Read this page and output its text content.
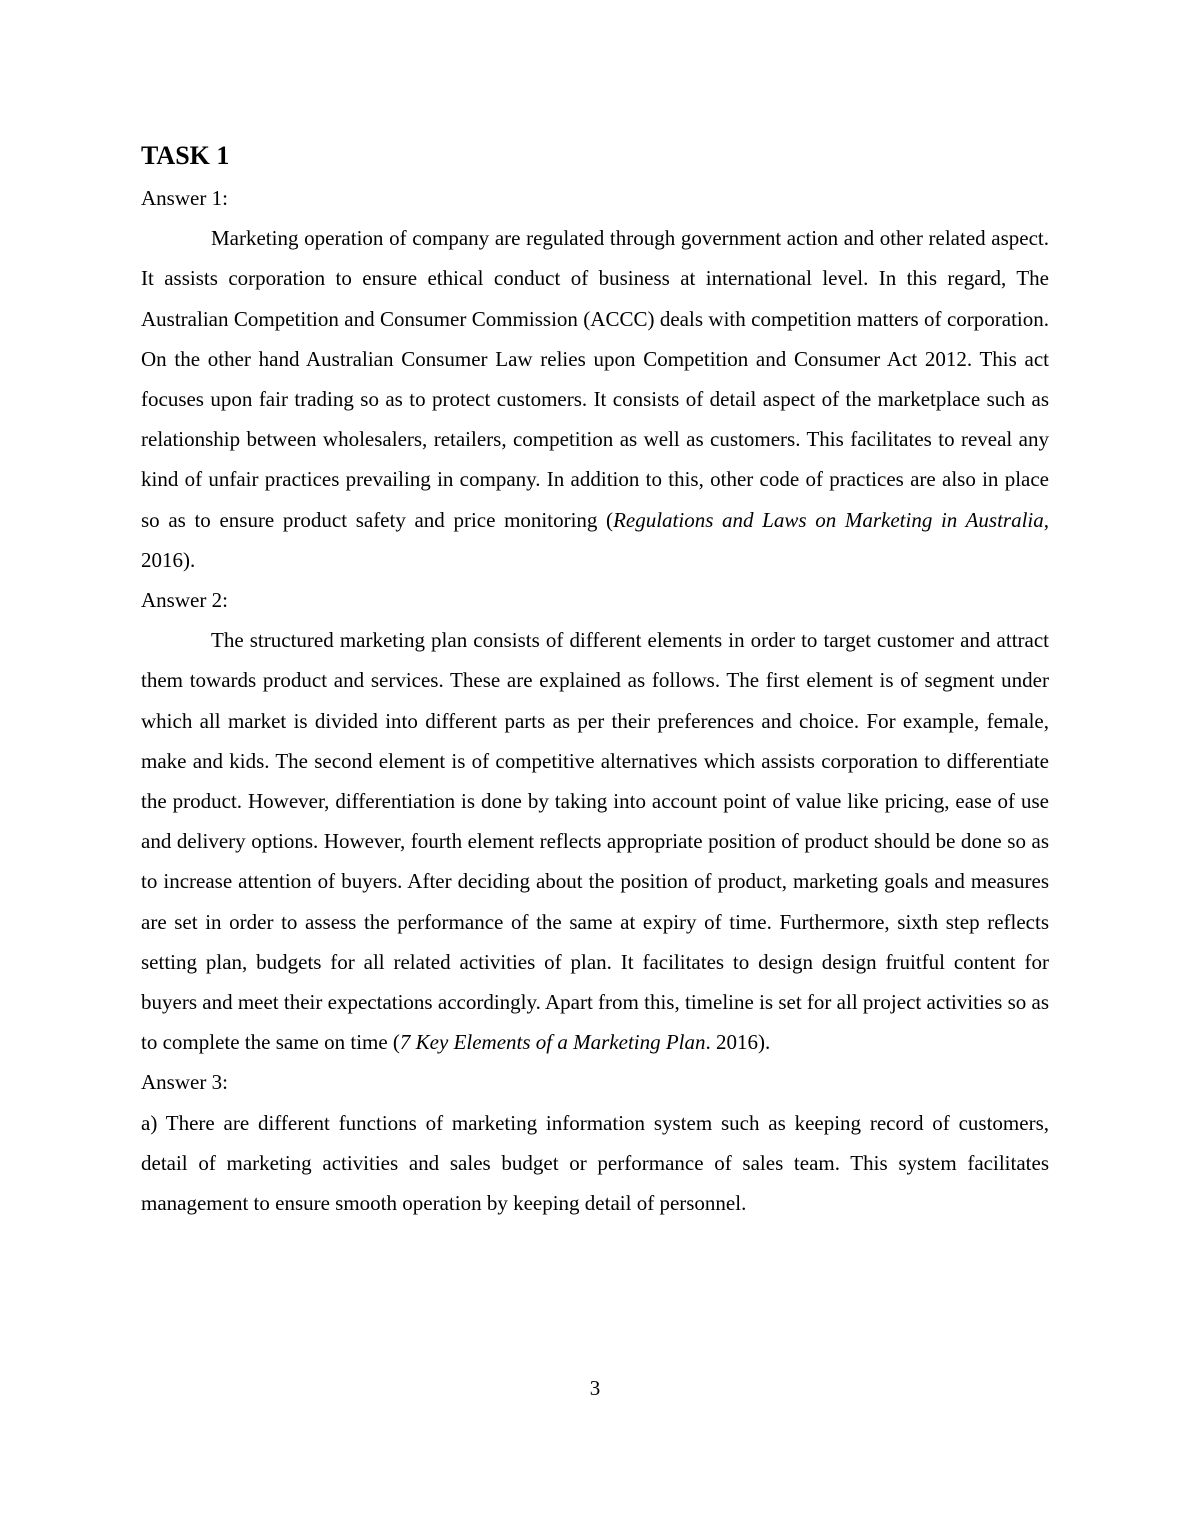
TASK 1

Answer 1:

Marketing operation of company are regulated through government action and other related aspect. It assists corporation to ensure ethical conduct of business at international level. In this regard, The Australian Competition and Consumer Commission (ACCC) deals with competition matters of corporation. On the other hand Australian Consumer Law relies upon Competition and Consumer Act 2012. This act focuses upon fair trading so as to protect customers. It consists of detail aspect of the marketplace such as relationship between wholesalers, retailers, competition as well as customers. This facilitates to reveal any kind of unfair practices prevailing in company. In addition to this, other code of practices are also in place so as to ensure product safety and price monitoring (Regulations and Laws on Marketing in Australia, 2016).

Answer 2:

The structured marketing plan consists of different elements in order to target customer and attract them towards product and services. These are explained as follows. The first element is of segment under which all market is divided into different parts as per their preferences and choice. For example, female, make and kids. The second element is of competitive alternatives which assists corporation to differentiate the product. However, differentiation is done by taking into account point of value like pricing, ease of use and delivery options. However, fourth element reflects appropriate position of product should be done so as to increase attention of buyers. After deciding about the position of product, marketing goals and measures are set in order to assess the performance of the same at expiry of time. Furthermore, sixth step reflects setting plan, budgets for all related activities of plan. It facilitates to design design fruitful content for buyers and meet their expectations accordingly. Apart from this, timeline is set for all project activities so as to complete the same on time (7 Key Elements of a Marketing Plan. 2016).

Answer 3:

a) There are different functions of marketing information system such as keeping record of customers, detail of marketing activities and sales budget or performance of sales team. This system facilitates management to ensure smooth operation by keeping detail of personnel.

3
